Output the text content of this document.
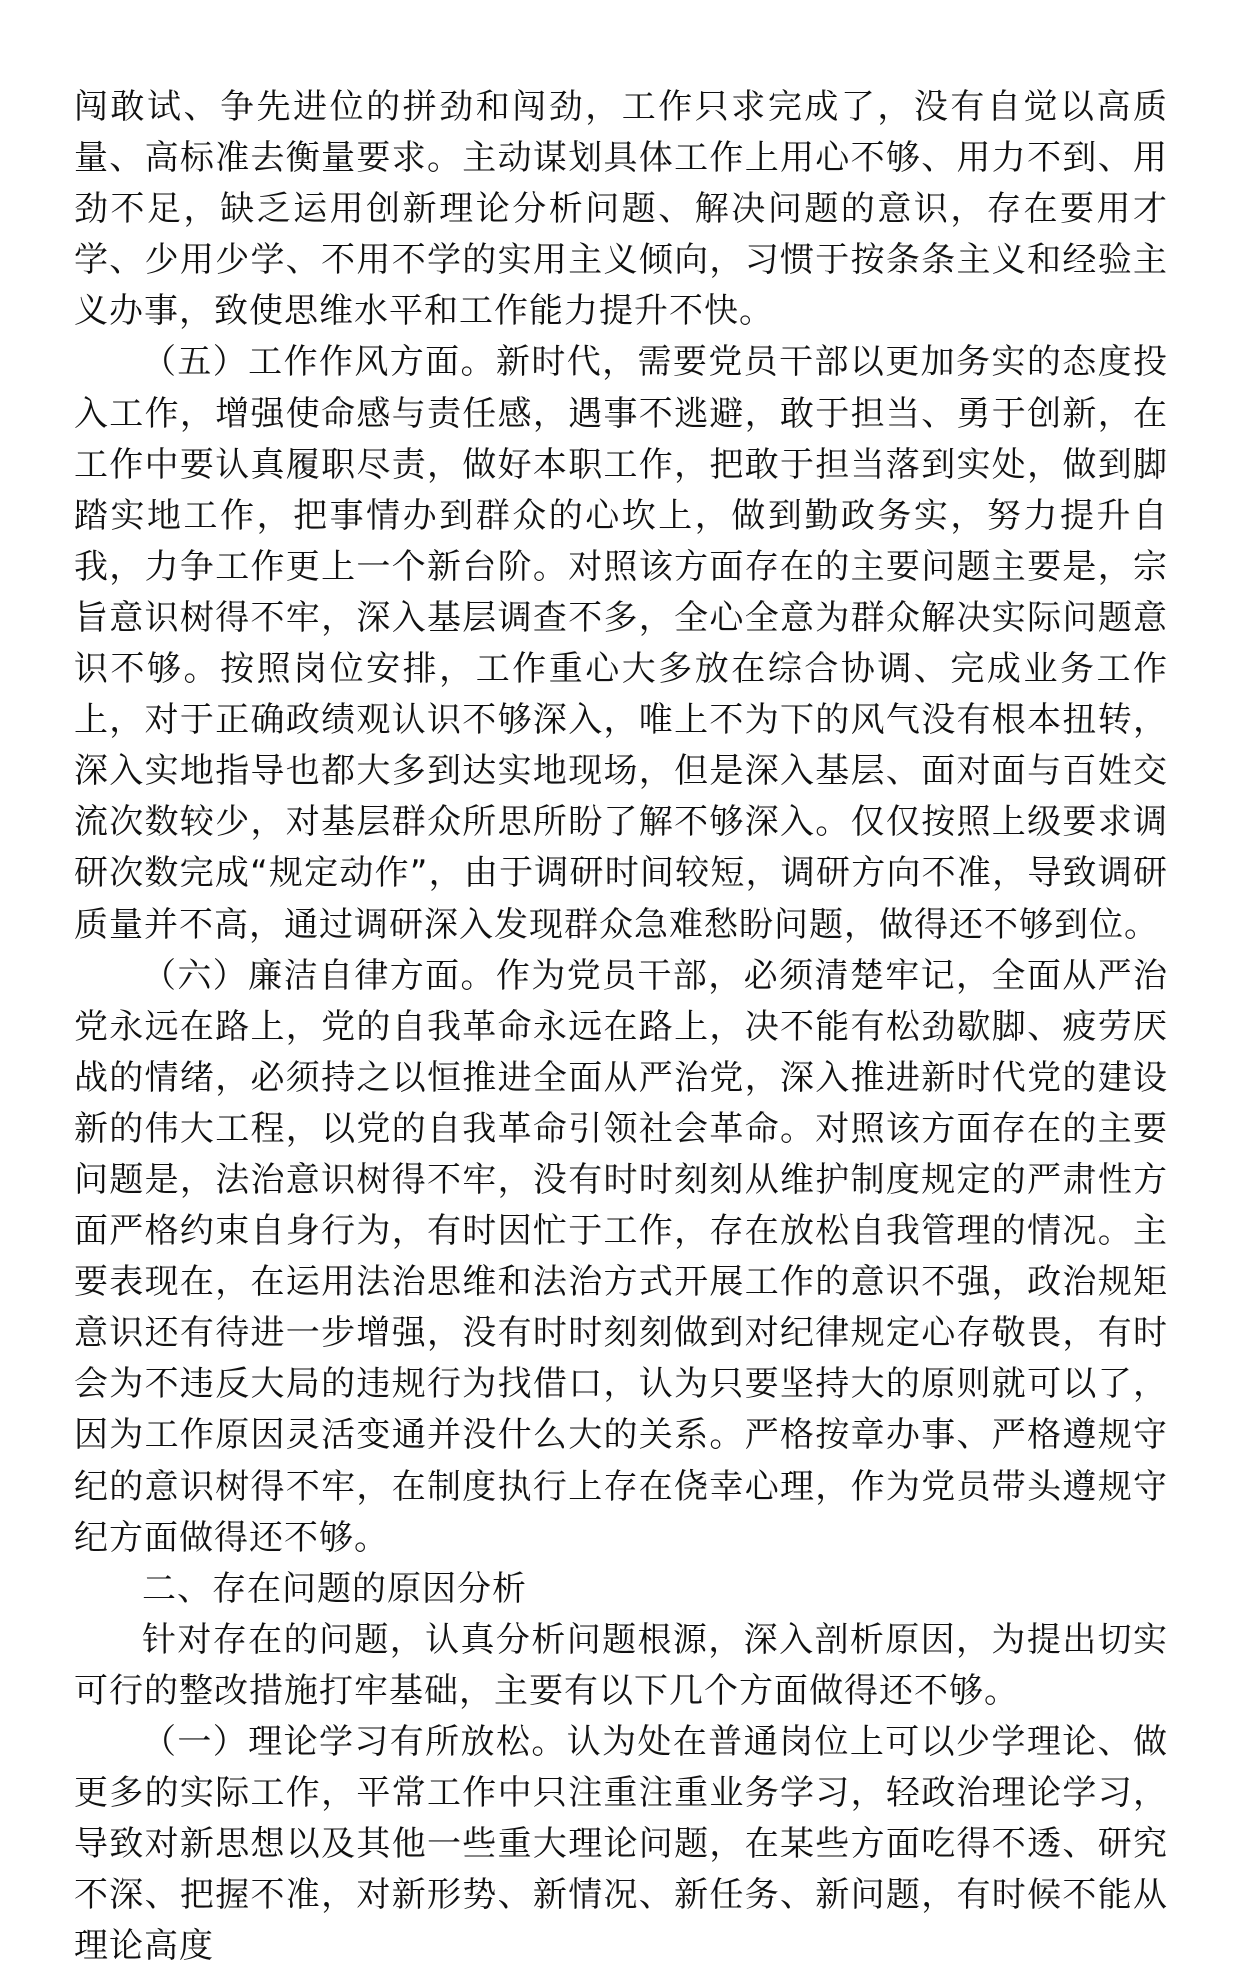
闯敢试、争先进位的拼劲和闯劲，工作只求完成了，没有自觉以高质量、高标准去衡量要求。主动谋划具体工作上用心不够、用力不到、用劲不足，缺乏运用创新理论分析问题、解决问题的意识，存在要用才学、少用少学、不用不学的实用主义倾向，习惯于按条条主义和经验主义办事，致使思维水平和工作能力提升不快。

（五）工作作风方面。新时代，需要党员干部以更加务实的态度投入工作，增强使命感与责任感，遇事不逃避，敢于担当、勇于创新，在工作中要认真履职尽责，做好本职工作，把敢于担当落到实处，做到脚踏实地工作，把事情办到群众的心坎上，做到勤政务实，努力提升自我，力争工作更上一个新台阶。对照该方面存在的主要问题主要是，宗旨意识树得不牢，深入基层调查不多，全心全意为群众解决实际问题意识不够。按照岗位安排，工作重心大多放在综合协调、完成业务工作上，对于正确政绩观认识不够深入，唯上不为下的风气没有根本扭转，深入实地指导也都大多到达实地现场，但是深入基层、面对面与百姓交流次数较少，对基层群众所思所盼了解不够深入。仅仅按照上级要求调研次数完成“规定动作”，由于调研时间较短，调研方向不准，导致调研质量并不高，通过调研深入发现群众急难愁盼问题，做得还不够到位。

（六）廉洁自律方面。作为党员干部，必须清楚牢记，全面从严治党永远在路上，党的自我革命永远在路上，决不能有松劲歇脚、疲劳厌战的情绪，必须持之以恒推进全面从严治党，深入推进新时代党的建设新的伟大工程，以党的自我革命引领社会革命。对照该方面存在的主要问题是，法治意识树得不牢，没有时时刻刻从维护制度规定的严肃性方面严格约束自身行为，有时因忙于工作，存在放松自我管理的情况。主要表现在，在运用法治思维和法治方式开展工作的意识不强，政治规矩意识还有待进一步增强，没有时时刻刻做到对纪律规定心存敬畏，有时会为不违反大局的违规行为找借口，认为只要坚持大的原则就可以了，因为工作原因灵活变通并没什么大的关系。严格按章办事、严格遵规守纪的意识树得不牢，在制度执行上存在侥幸心理，作为党员带头遵规守纪方面做得还不够。

二、存在问题的原因分析

针对存在的问题，认真分析问题根源，深入剖析原因，为提出切实可行的整改措施打牢基础，主要有以下几个方面做得还不够。

（一）理论学习有所放松。认为处在普通岗位上可以少学理论、做更多的实际工作，平常工作中只注重注重业务学习，轻政治理论学习，导致对新思想以及其他一些重大理论问题，在某些方面吃得不透、研究不深、把握不准，对新形势、新情况、新任务、新问题，有时候不能从理论高度
